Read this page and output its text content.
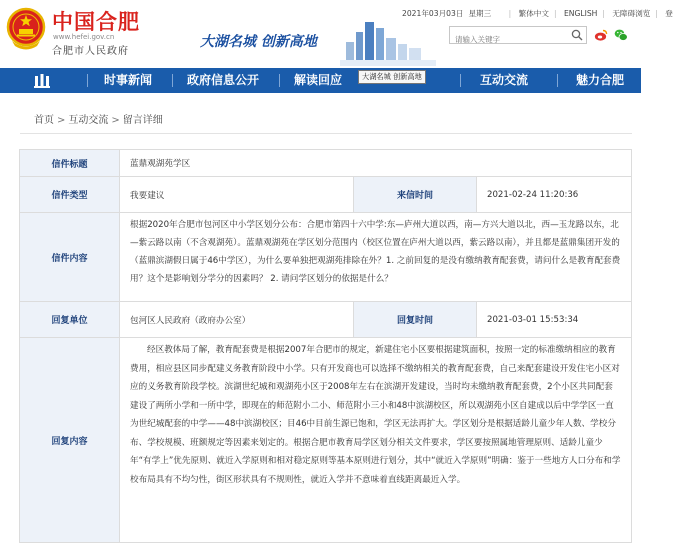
中国合肥
www.hefei.gov.cn
合肥市人民政府
大湖名城 创新高地
2021年03月03日 星期三 | 繁体中文 | ENGLISH | 无障碍浏览 | 登
请输入关键字
时事新闻	政府信息公开	解读回应	互动交流	魅力合肥
大湖名城 创新高地
首页 > 互动交流 > 留言详细
信件标题	蓝鼎观湖苑学区		
信件类型	我要建议	来信时间	2021-02-24 11:20:36
信件内容	根据2020年合肥市包河区中小学区划分公布：合肥市第四十六中学:东—庐州大道以西，南—方兴大道以北，西—玉龙路以东，北—紫云路以南（不含观湖苑）。蓝鼎观湖苑在学区划分范围内（校区位置在庐州大道以西，紫云路以南），并且都是蓝鼎集团开发的（蓝鼎滨湖假日属于46中学区），为什么要单独把观湖苑排除在外？1. 之前回复的是没有缴纳教育配套费，请问什么是教育配套费用？这个是影响划分学分的因素吗？ 2. 请问学区划分的依据是什么？		
回复单位	包河区人民政府（政府办公室）	回复时间	2021-03-01 15:53:34
回复内容	经区教体局了解，教育配套费是根据2007年合肥市的规定，新建住宅小区要根据建筑面积，按照一定的标准缴纳相应的教育费用，相应县区同步配建义务教育阶段中小学。只有开发商也可以选择不缴纳相关的教育配套费，自己来配套建设开发住宅小区对应的义务教育阶段学校。滨湖世纪城和观湖苑小区于2008年左右在滨湖开发建设，当时均未缴纳教育配套费，2个小区共同配套建设了两所小学和一所中学，即现在的师范附小二小、师范附小三小和48中滨湖校区，所以观湖苑小区自建成以后中学学区一直为世纪城配套的中学——48中滨湖校区；目46中目前生源已饱和，学区无法再扩大。学区划分是根据适龄儿童少年人数、学校分布、学校规模、班额规定等因素来划定的。根据合肥市教育局学区划分相关文件要求，学区要按照属地管理原则、适龄儿童少年“有学上”优先原则、就近入学原则和相对稳定原则等基本原则进行划分，其中“就近入学原则”明确：鉴于一些地方人口分布和学校布局具有不均匀性，街区形状具有不规则性，就近入学并不意味着直线距离最近入学。		
